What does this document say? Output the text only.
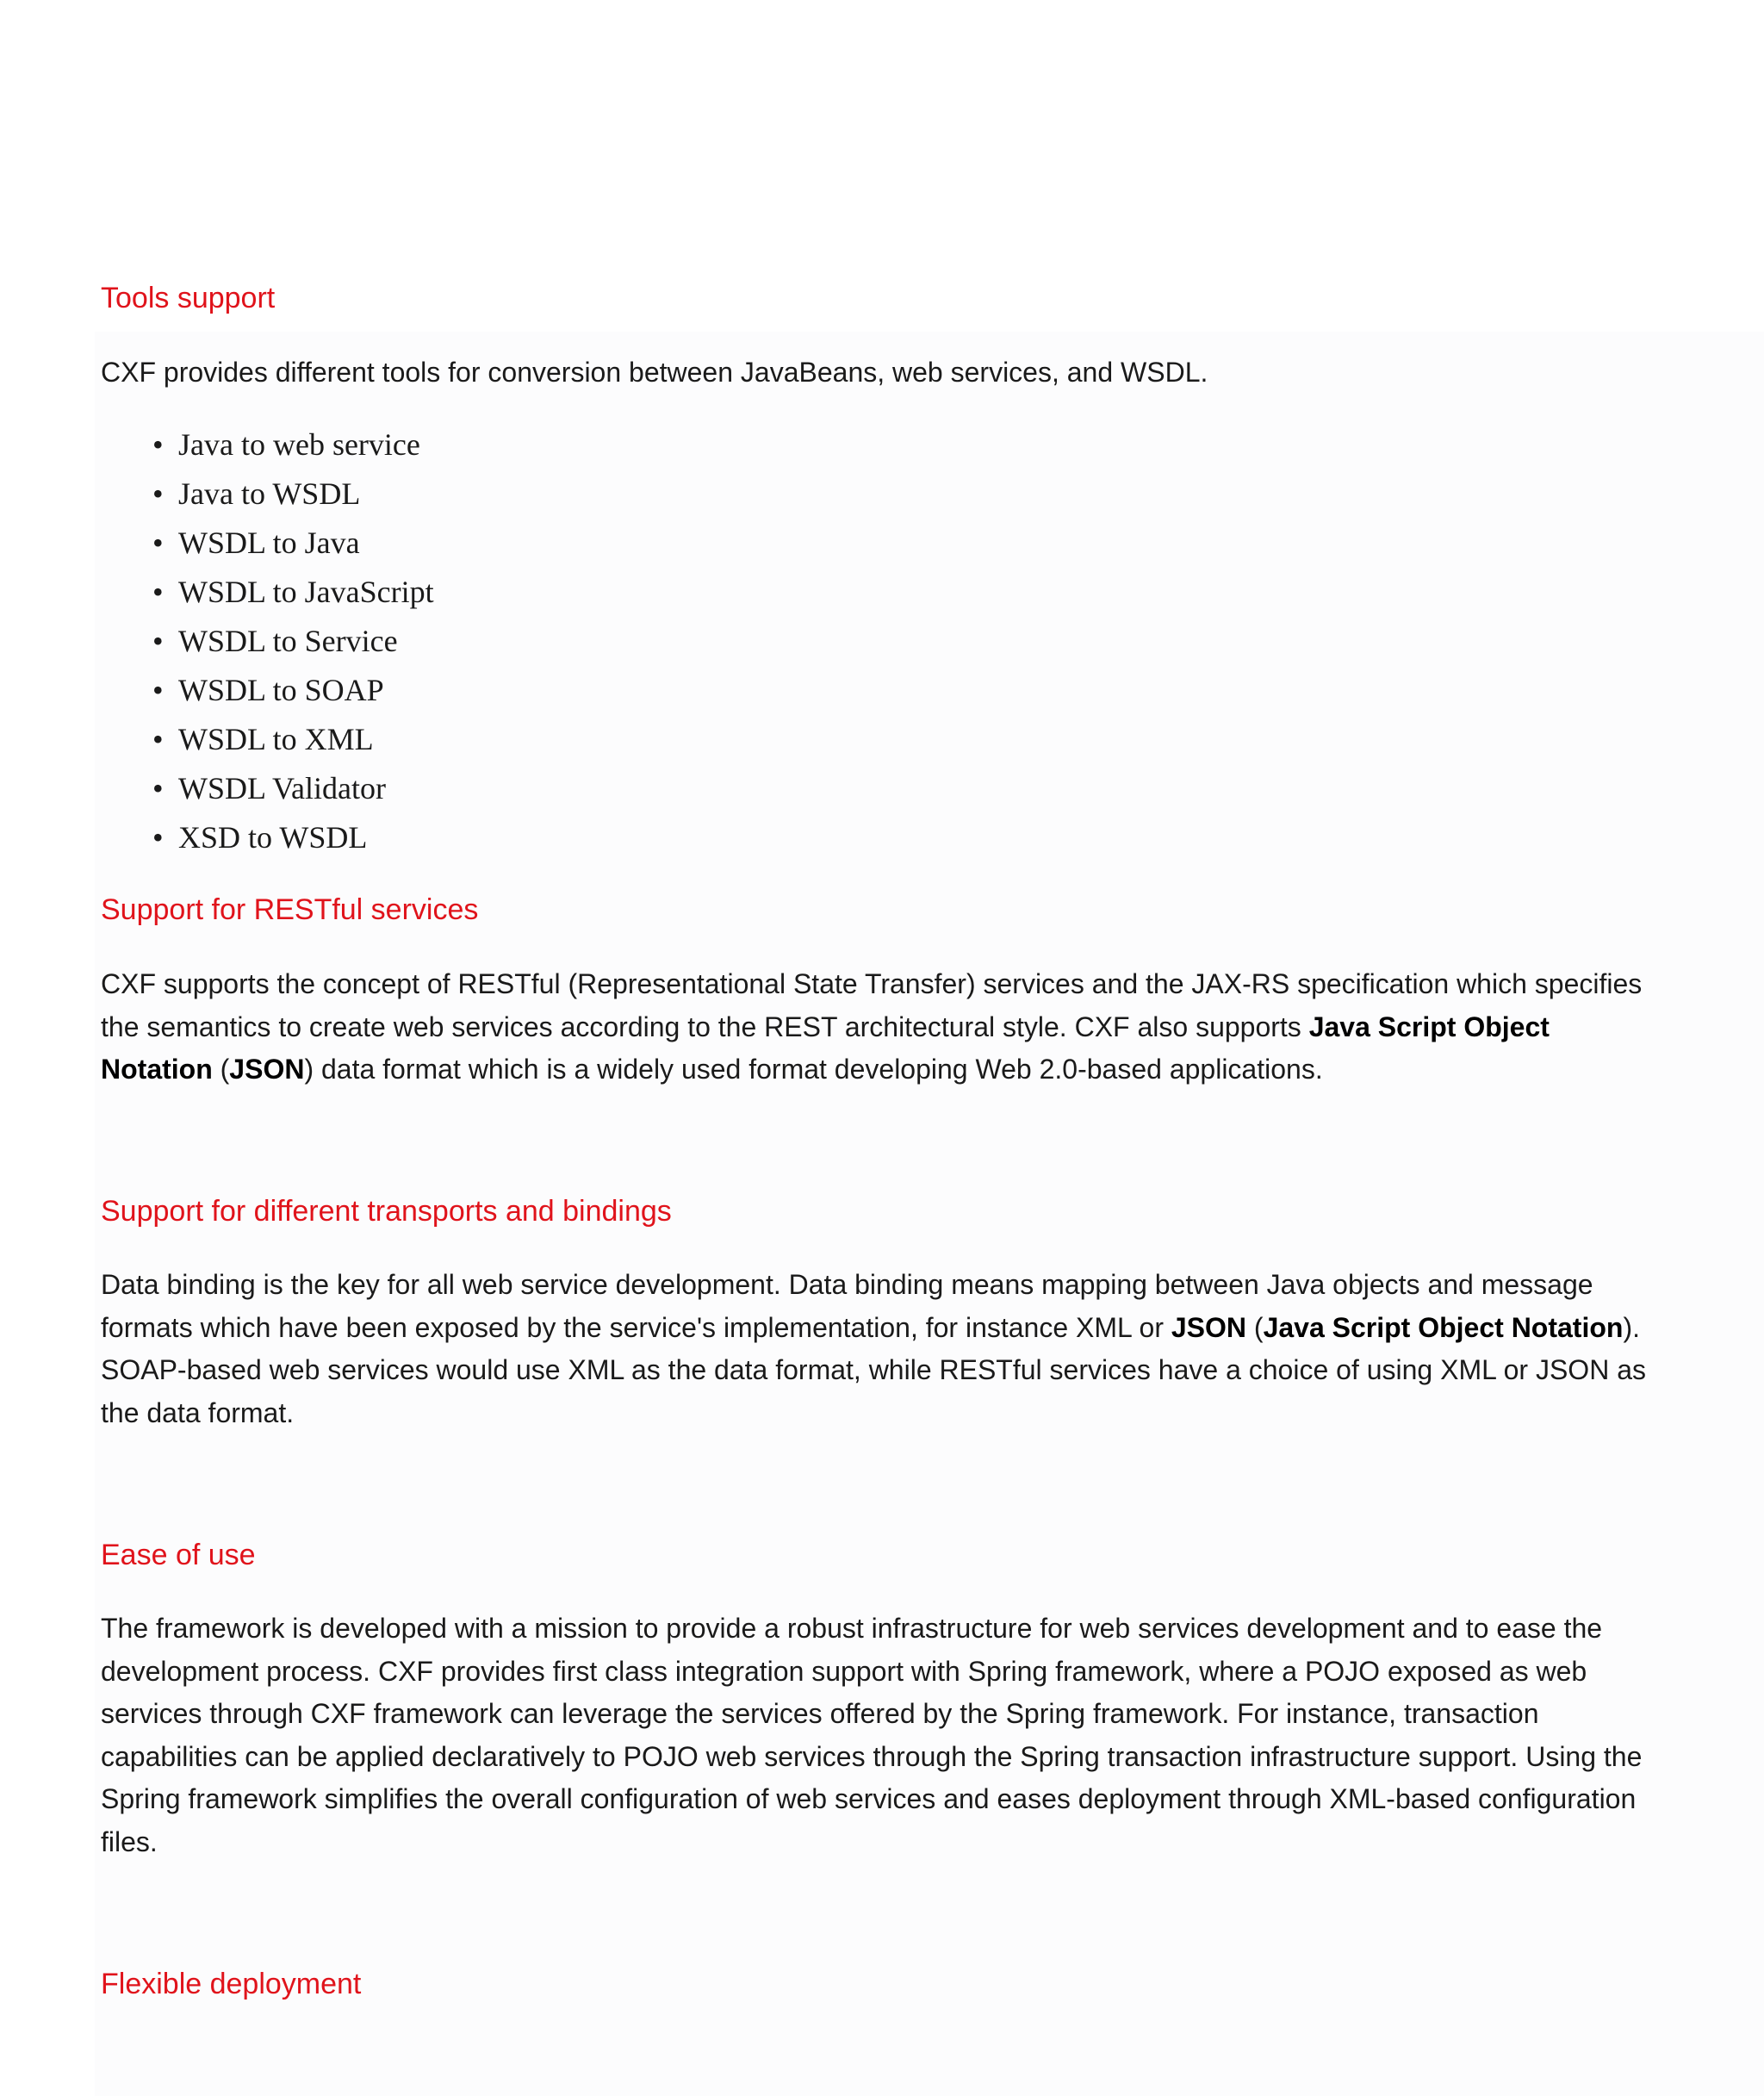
Tools support

CXF provides different tools for conversion between JavaBeans, web services, and WSDL.

• Java to web service
• Java to WSDL
• WSDL to Java
• WSDL to JavaScript
• WSDL to Service
• WSDL to SOAP
• WSDL to XML
• WSDL Validator
• XSD to WSDL
Support for RESTful services

CXF supports the concept of RESTful (Representational State Transfer) services and the JAX-RS specification which specifies the semantics to create web services according to the REST architectural style. CXF also supports Java Script Object Notation (JSON) data format which is a widely used format developing Web 2.0-based applications.

Support for different transports and bindings

Data binding is the key for all web service development. Data binding means mapping between Java objects and message formats which have been exposed by the service's implementation, for instance XML or JSON (Java Script Object Notation). SOAP-based web services would use XML as the data format, while RESTful services have a choice of using XML or JSON as the data format.

Ease of use

The framework is developed with a mission to provide a robust infrastructure for web services development and to ease the development process. CXF provides first class integration support with Spring framework, where a POJO exposed as web services through CXF framework can leverage the services offered by the Spring framework. For instance, transaction capabilities can be applied declaratively to POJO web services through the Spring transaction infrastructure support. Using the Spring framework simplifies the overall configuration of web services and eases deployment through XML-based configuration files.

Flexible deployment
